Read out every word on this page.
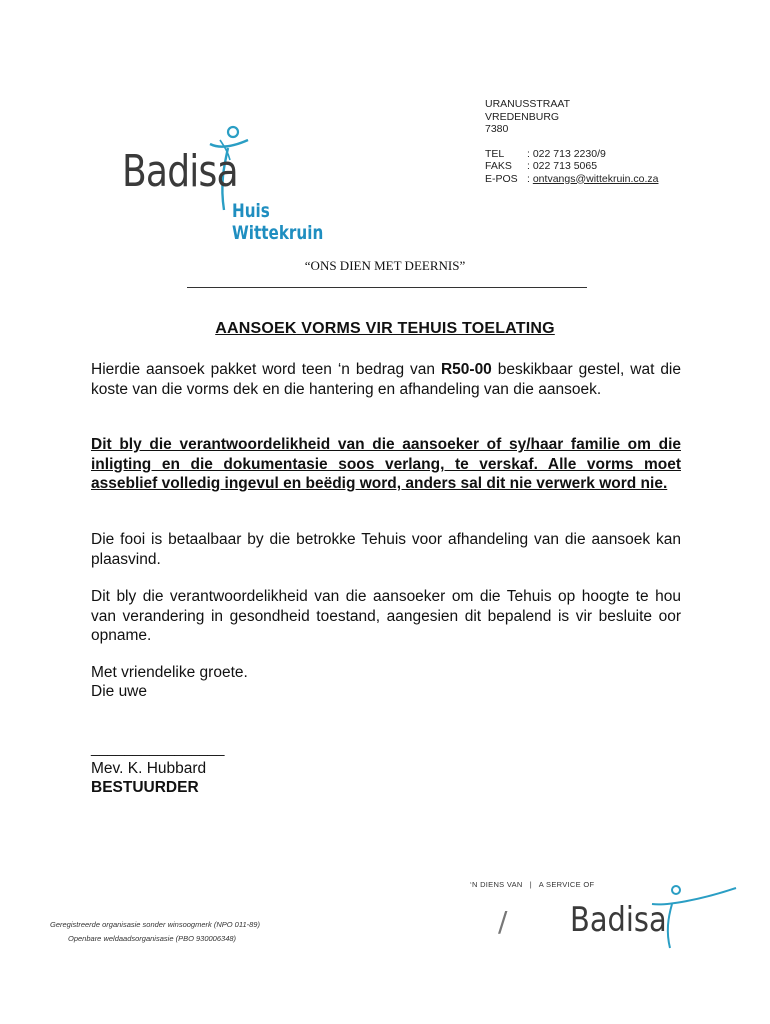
Badisa
Huis Wittekruin
URANUSSTRAAT
VREDENBURG
7380
TEL	: 022 713 2230/9
FAKS	: 022 713 5065
E-POS : ontvangs@wittekruin.co.za
“ONS DIEN MET DEERNIS”
AANSOEK VORMS VIR TEHUIS TOELATING
Hierdie aansoek pakket word teen ‘n bedrag van R50-00 beskikbaar gestel, wat die koste van die vorms dek en die hantering en afhandeling van die aansoek.
Dit bly die verantwoordelikheid van die aansoeker of sy/haar familie om die inligting en die dokumentasie soos verlang, te verskaf. Alle vorms moet asseblief volledig ingevul en beëdig word, anders sal dit nie verwerk word nie.
Die fooi is betaalbaar by die betrokke Tehuis voor afhandeling van die aansoek kan plaasvind.
Dit bly die verantwoordelikheid van die aansoeker om die Tehuis op hoogte te hou van verandering in gesondheid toestand, aangesien dit bepalend is vir besluite oor opname.
Met vriendelike groete.
Die uwe
________________
Mev. K. Hubbard
BESTUURDER
‘N DIENS VAN   |   A SERVICE OF
Geregistreerde organisasie sonder winsoogmerk (NPO 011-89)
Openbare weldaadsorganisasie (PBO 930006348)
/ Badisa
